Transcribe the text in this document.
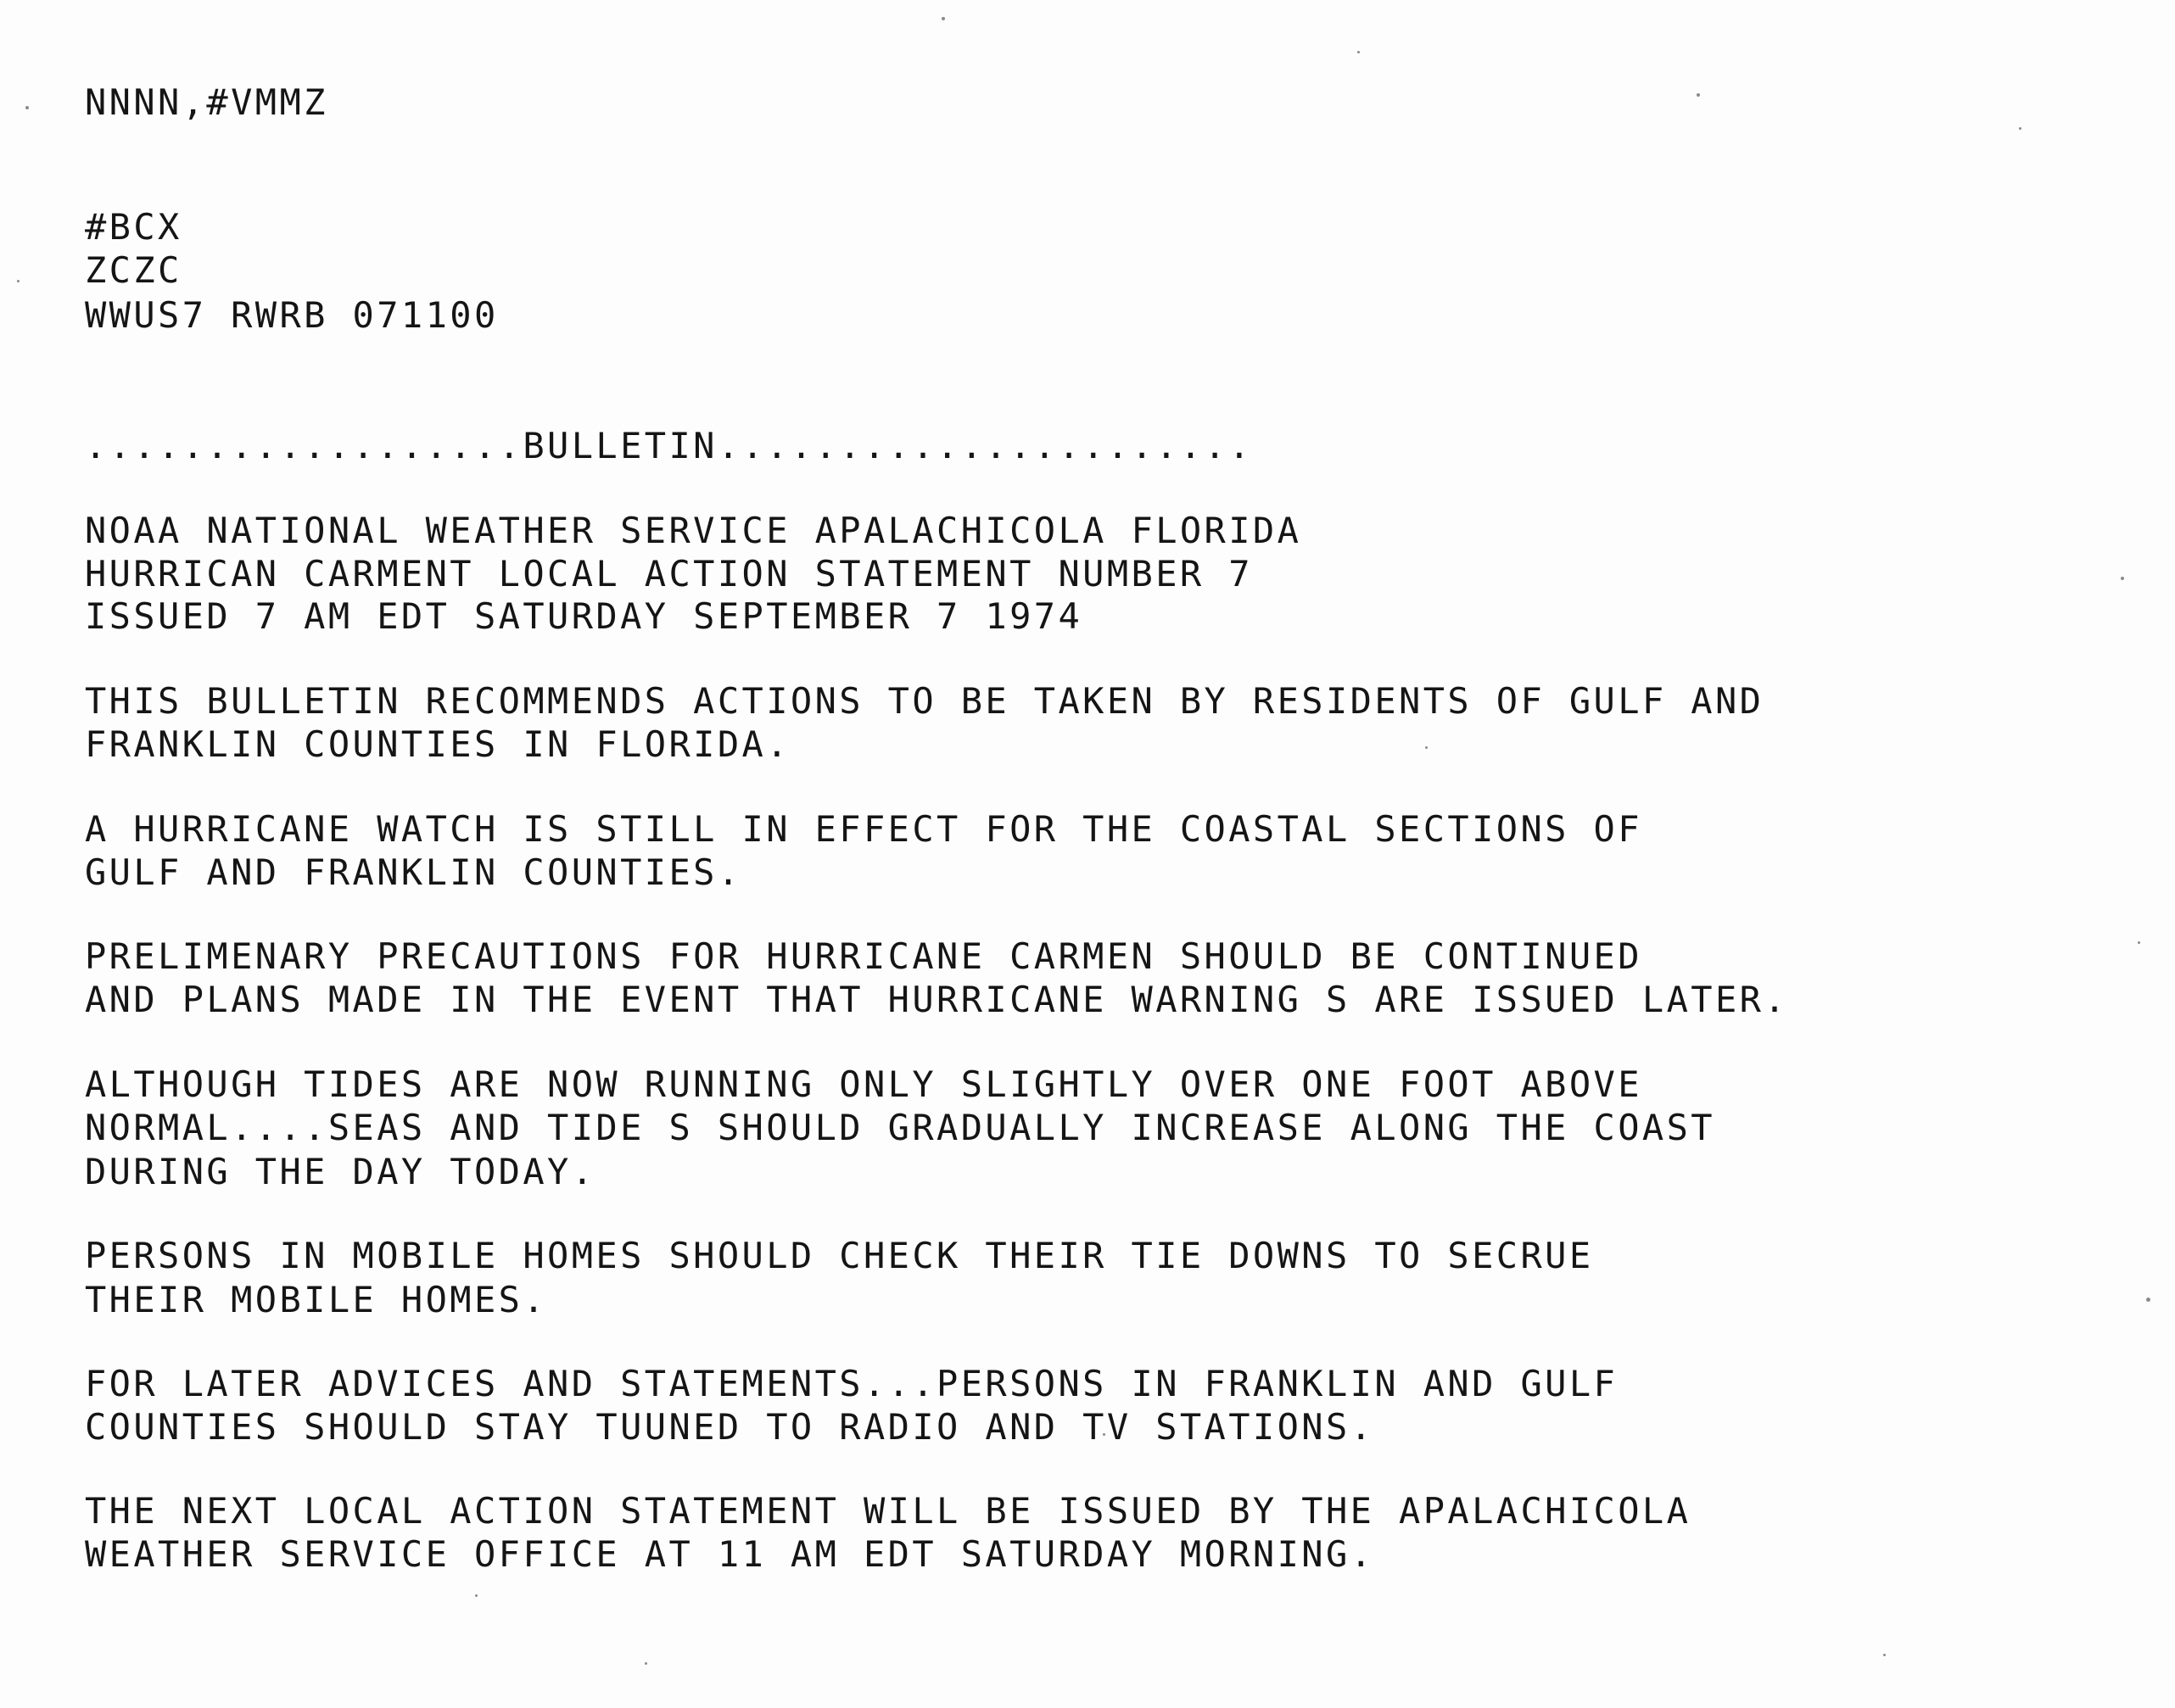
NNNN,#VMMZ

#BCX

ZCZC

WWUS7 RWRB 071100

..................BULLETIN......................

NOAA NATIONAL WEATHER SERVICE APALACHICOLA FLORIDA

HURRICAN CARMENT LOCAL ACTION STATEMENT NUMBER 7

ISSUED 7 AM EDT SATURDAY SEPTEMBER 7 1974

THIS BULLETIN RECOMMENDS ACTIONS TO BE TAKEN BY RESIDENTS OF GULF AND

FRANKLIN COUNTIES IN FLORIDA.

A HURRICANE WATCH IS STILL IN EFFECT FOR THE COASTAL SECTIONS OF

GULF AND FRANKLIN COUNTIES.

PRELIMENARY PRECAUTIONS FOR HURRICANE CARMEN SHOULD BE CONTINUED

AND PLANS MADE IN THE EVENT THAT HURRICANE WARNING S ARE ISSUED LATER.

ALTHOUGH TIDES ARE NOW RUNNING ONLY SLIGHTLY OVER ONE FOOT ABOVE

NORMAL....SEAS AND TIDE S SHOULD GRADUALLY INCREASE ALONG THE COAST

DURING THE DAY TODAY.

PERSONS IN MOBILE HOMES SHOULD CHECK THEIR TIE DOWNS TO SECRUE

THEIR MOBILE HOMES.

FOR LATER ADVICES AND STATEMENTS...PERSONS IN FRANKLIN AND GULF

COUNTIES SHOULD STAY TUUNED TO RADIO AND TV STATIONS.

THE NEXT LOCAL ACTION STATEMENT WILL BE ISSUED BY THE APALACHICOLA

WEATHER SERVICE OFFICE AT 11 AM EDT SATURDAY MORNING.
